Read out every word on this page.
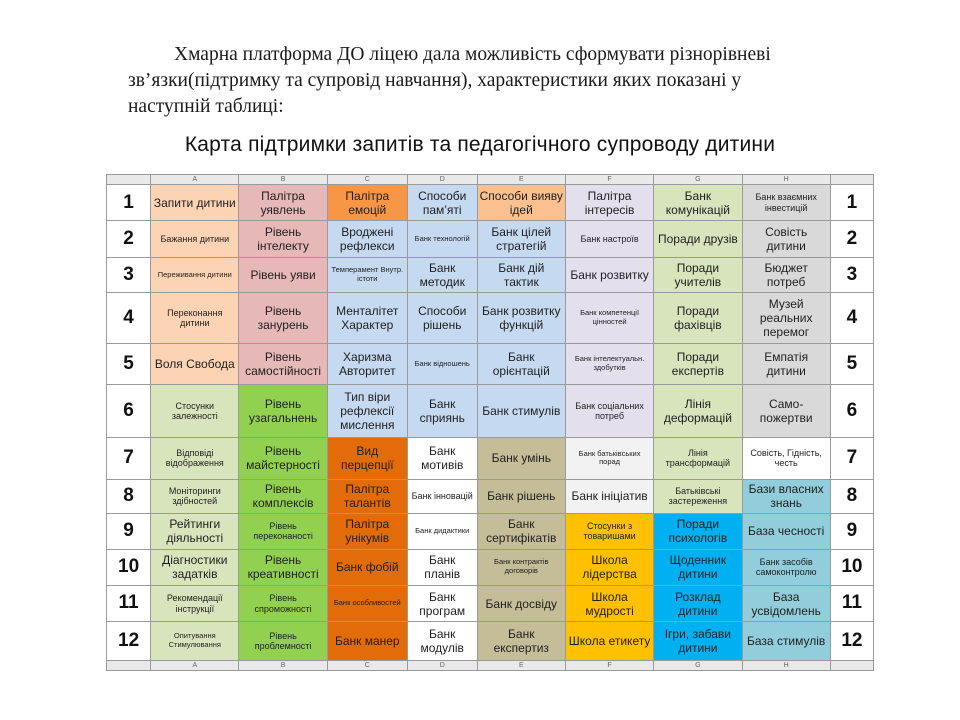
Хмарна платформа ДО ліцею дала можливість сформувати різнорівневі
зв’язки(підтримку та супровід навчання), характеристики яких показані у
наступній таблиці:
Карта підтримки запитів та педагогічного супроводу дитини
	A	B	C	D	E	F	G	H	
1	Запити дитини	Палітра уявлень	Палітра емоцій	Способи пам’яті	Способи вияву ідей	Палітра інтересів	Банк комунікацій	Банк взаємних інвестицій	1
2	Бажання дитини	Рівень інтелекту	Вроджені рефлекси	Банк технологій	Банк цілей стратегій	Банк настроїв	Поради друзів	Совість дитини	2
3	Переживання дитини	Рівень уяви	Темперамент Внутр. істоти	Банк методик	Банк дій тактик	Банк розвитку	Поради учителів	Бюджет потреб	3
4	Переконання дитини	Рівень занурень	Менталітет Характер	Способи рішень	Банк розвитку функцій	Банк компетенції цінностей	Поради фахівців	Музей реальних перемог	4
5	Воля Свобода	Рівень самостійності	Харизма Авторитет	Банк відношень	Банк орієнтацій	Банк інтелектуальн. здобутків	Поради експертів	Емпатія дитини	5
6	Стосунки залежності	Рівень узагальнень	Тип віри рефлексії мислення	Банк сприянь	Банк стимулів	Банк соціальних потреб	Лінія деформацій	Само-пожертви	6
7	Відповіді відображення	Рівень майстерності	Вид перцепції	Банк мотивів	Банк умінь	Банк батьківських порад	Лінія трансформацій	Совість, Гідність, честь	7
8	Моніторинги здібностей	Рівень комплексів	Палітра талантів	Банк інновацій	Банк рішень	Банк ініціатив	Батьківські застереження	Бази власних знань	8
9	Рейтинги діяльності	Рівень переконаності	Палітра унікумів	Банк дидактики	Банк сертифікатів	Стосунки з товаришами	Поради психологів	База чесності	9
10	Діагностики задатків	Рівень креативності	Банк фобій	Банк планів	Банк контрактів договорів	Школа лідерства	Щоденник дитини	Банк засобів самоконтролю	10
11	Рекомендації інструкції	Рівень спроможності	Банк особливостей	Банк програм	Банк досвіду	Школа мудрості	Розклад дитини	База усвідомлень	11
12	Опитування Стимулювання	Рівень проблемності	Банк манер	Банк модулів	Банк експертиз	Школа етикету	Ігри, забави дитини	База стимулів	12
	A	B	C	D	E	F	G	H	
